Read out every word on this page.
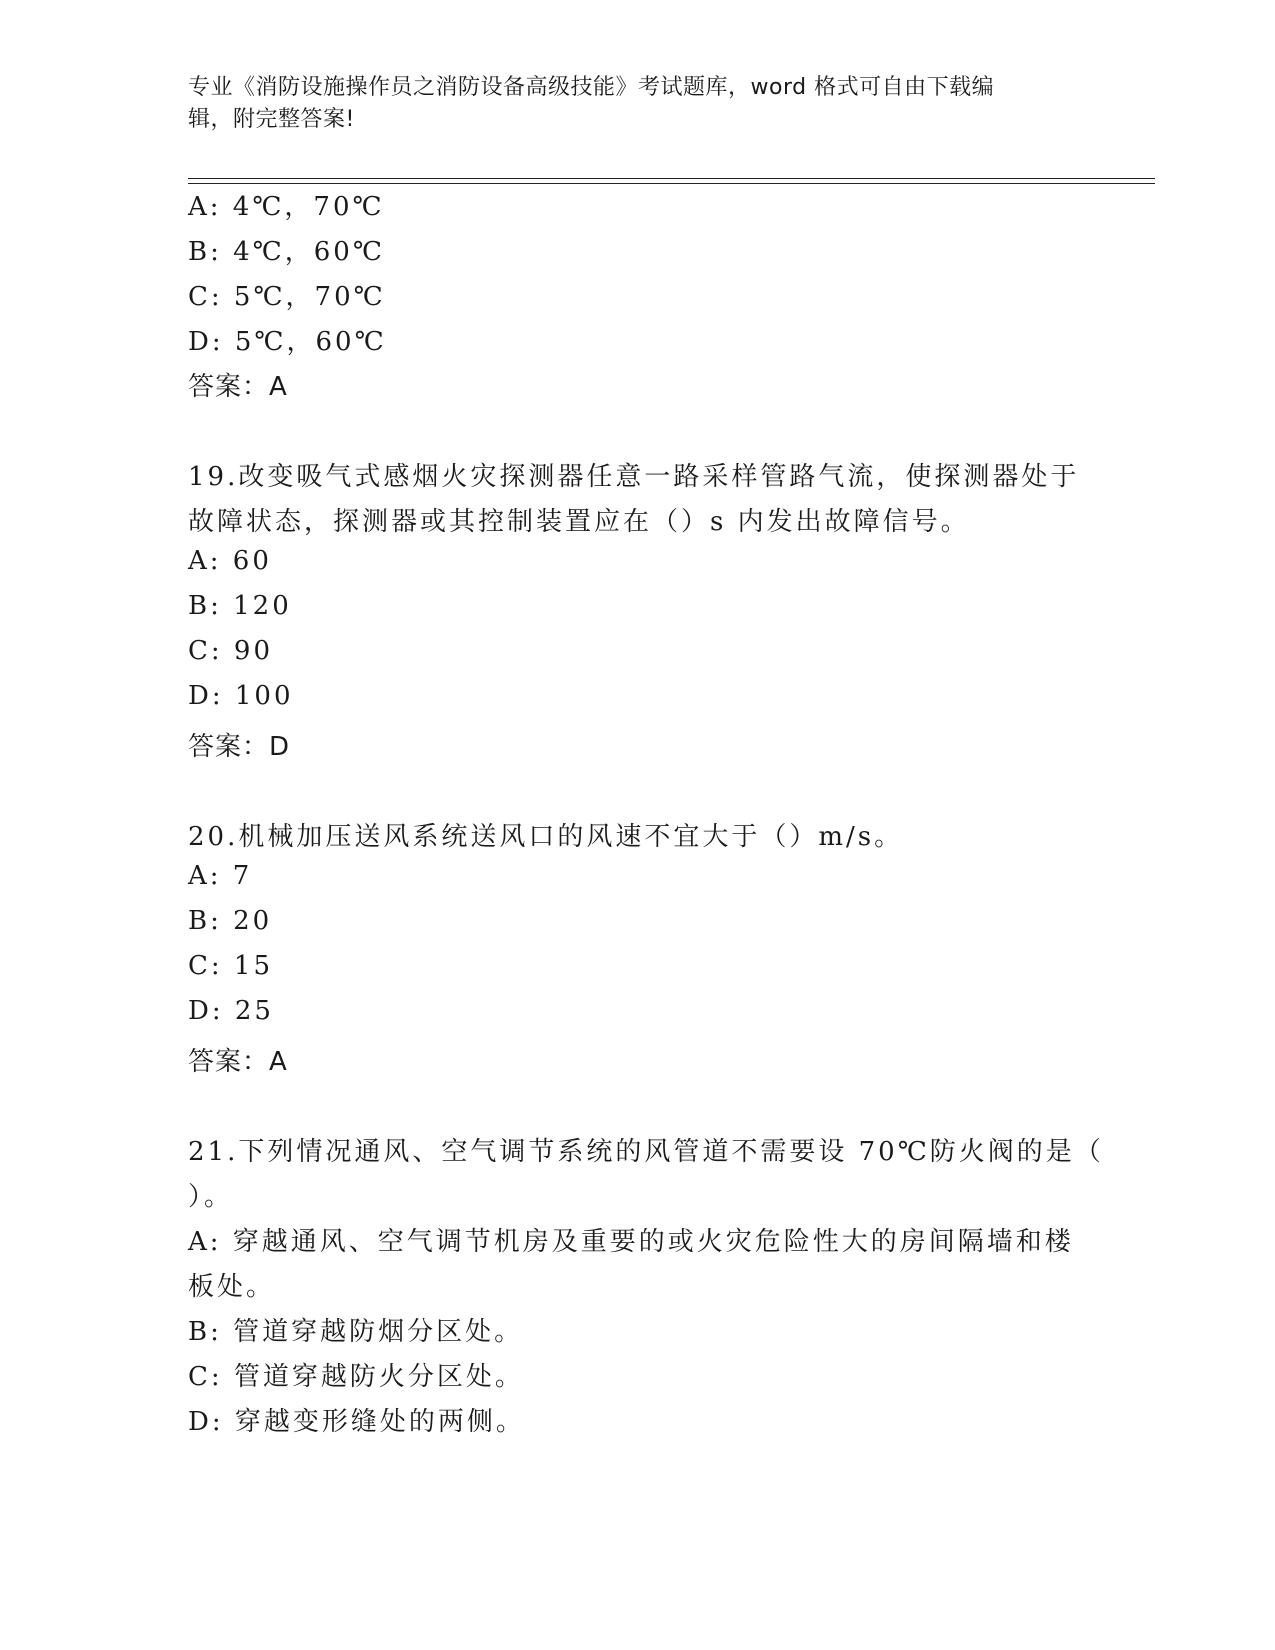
专业《消防设施操作员之消防设备高级技能》考试题库，word 格式可自由下载编
辑，附完整答案!
A: 4℃，70℃
B: 4℃，60℃
C: 5℃，70℃
D: 5℃，60℃
答案：A
19.改变吸气式感烟火灾探测器任意一路采样管路气流，使探测器处于
故障状态，探测器或其控制装置应在（）s 内发出故障信号。
A: 60
B: 120
C: 90
D: 100
答案：D
20.机械加压送风系统送风口的风速不宜大于（）m/s。
A: 7
B: 20
C: 15
D: 25
答案：A
21.下列情况通风、空气调节系统的风管道不需要设 70℃防火阀的是（
）。
A: 穿越通风、空气调节机房及重要的或火灾危险性大的房间隔墙和楼
板处。
B: 管道穿越防烟分区处。
C: 管道穿越防火分区处。
D: 穿越变形缝处的两侧。
